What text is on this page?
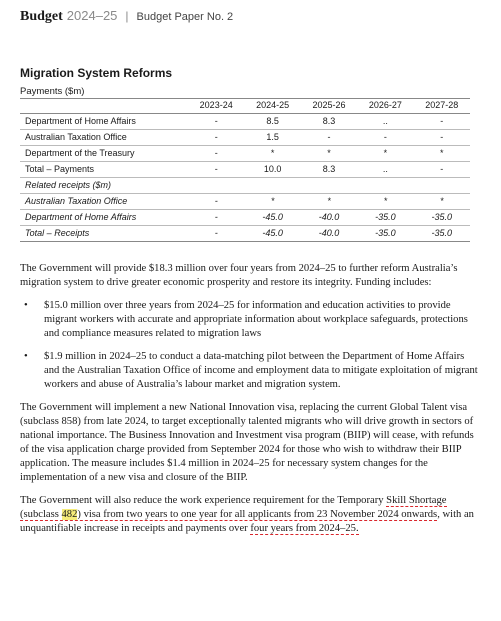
Budget 2024–25 | Budget Paper No. 2
Migration System Reforms
Payments ($m)
	2023-24	2024-25	2025-26	2026-27	2027-28
Department of Home Affairs	-	8.5	8.3	..	-
Australian Taxation Office	-	1.5	-	-	-
Department of the Treasury	-	*	*	*	*
Total – Payments	-	10.0	8.3	..	-
Related receipts ($m)					
Australian Taxation Office	-	*	*	*	*
Department of Home Affairs	-	-45.0	-40.0	-35.0	-35.0
Total – Receipts	-	-45.0	-40.0	-35.0	-35.0

The Government will provide $18.3 million over four years from 2024–25 to further reform Australia’s migration system to drive greater economic prosperity and restore its integrity. Funding includes:

• $15.0 million over three years from 2024–25 for information and education activities to provide migrant workers with accurate and appropriate information about workplace safeguards, protections and compliance measures related to migration laws
• $1.9 million in 2024–25 to conduct a data-matching pilot between the Department of Home Affairs and the Australian Taxation Office of income and employment data to mitigate exploitation of migrant workers and abuse of Australia’s labour market and migration system.

The Government will implement a new National Innovation visa, replacing the current Global Talent visa (subclass 858) from late 2024, to target exceptionally talented migrants who will drive growth in sectors of national importance. The Business Innovation and Investment visa program (BIIP) will cease, with refunds of the visa application charge provided from September 2024 for those who wish to withdraw their BIIP application. The measure includes $1.4 million in 2024–25 for necessary system changes for the implementation of a new visa and closure of the BIIP.

The Government will also reduce the work experience requirement for the Temporary Skill Shortage (subclass 482) visa from two years to one year for all applicants from 23 November 2024 onwards, with an unquantifiable increase in receipts and payments over four years from 2024–25.
